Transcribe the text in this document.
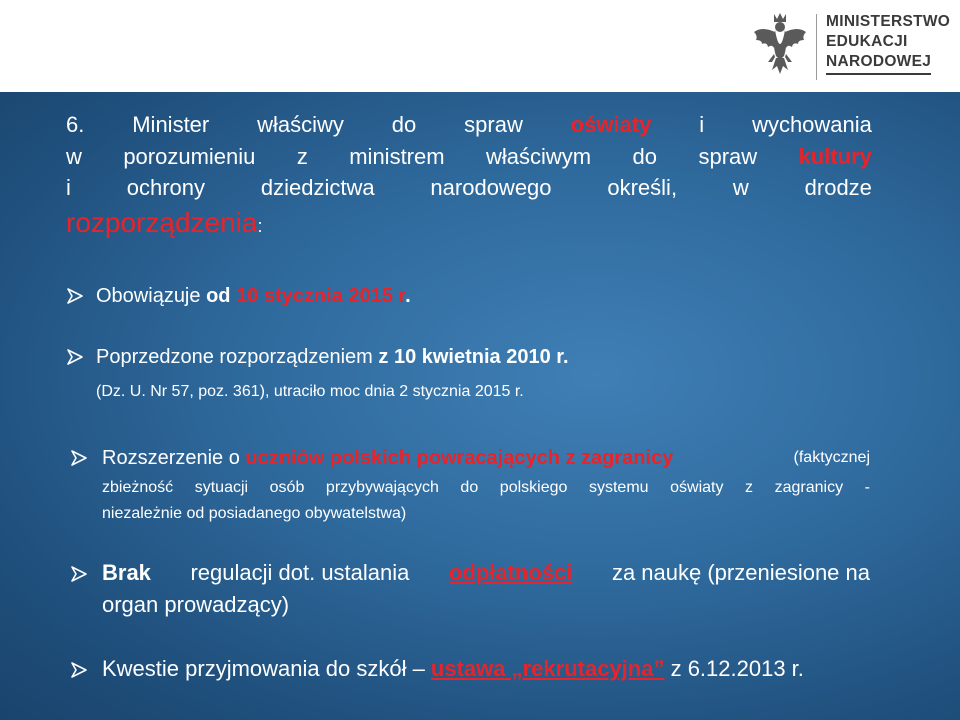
MINISTERSTWO
EDUKACJI
NARODOWEJ
6. Minister właściwy do spraw oświaty i wychowania
w porozumieniu z ministrem właściwym do spraw kultury
i	ochrony	dziedzictwa	narodowego	określi,	w	drodze
rozporządzenia:
Obowiązuje od 10 stycznia 2015 r.
Poprzedzone rozporządzeniem z 10 kwietnia 2010 r.
(Dz. U. Nr 57, poz. 361), utraciło moc dnia 2 stycznia 2015 r.
Rozszerzenie o uczniów polskich powracających z zagranicy	(faktycznej
zbieżność sytuacji osób przybywających do polskiego systemu oświaty z zagranicy -
niezależnie od posiadanego obywatelstwa)
Brak regulacji dot. ustalania odpłatności za naukę (przeniesione na
organ prowadzący)
Kwestie przyjmowania do szkół – ustawa „rekrutacyjna” z 6.12.2013 r.
